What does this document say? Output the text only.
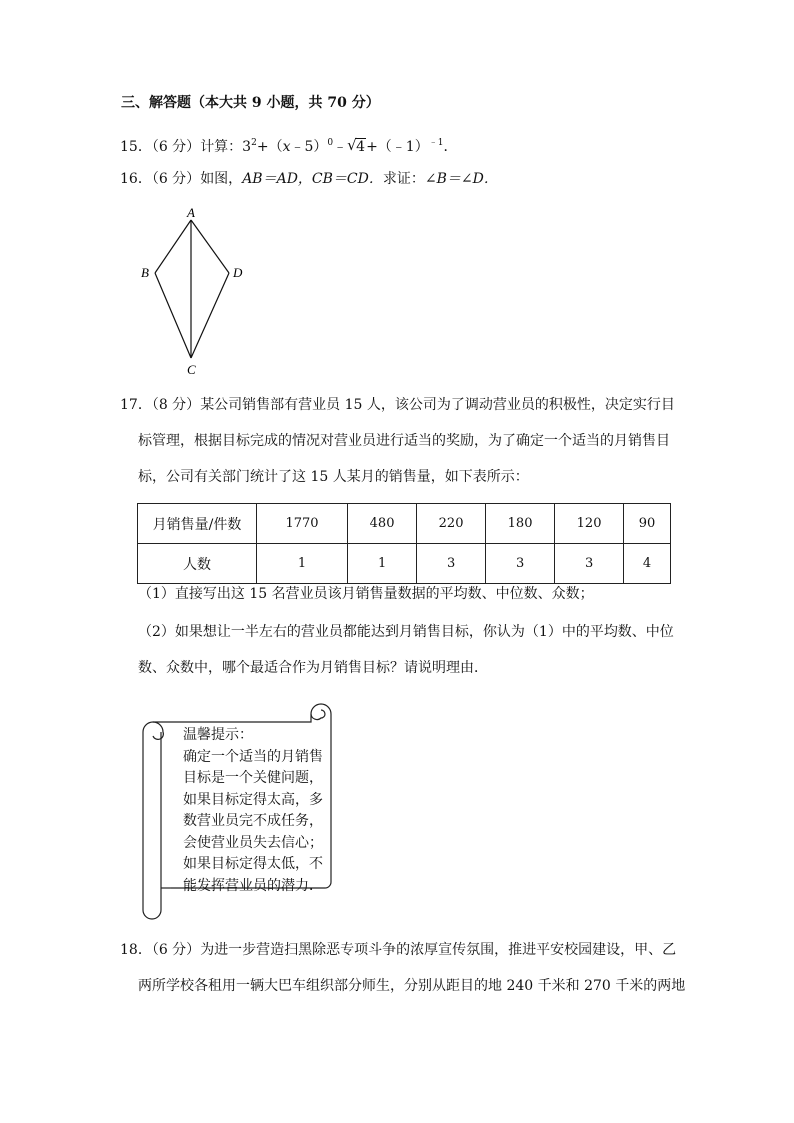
三、解答题（本大共 9 小题，共 70 分）
15．（6 分）计算：$3^2+(x﹣5)^0﹣$ √ 4+（﹣1）$^{﹣1}$．
16．（6 分）如图，AB＝AD，CB＝CD．求证：∠B＝∠D．
A
B
C
D
17．（8 分）某公司销售部有营业员 15 人，该公司为了调动营业员的积极性，决定实行目
标管理，根据目标完成的情况对营业员进行适当的奖励，为了确定一个适当的月销售目
标，公司有关部门统计了这 15 人某月的销售量，如下表所示：
月销售量/件数	1770	480	220	180	120	90
人数	1	1	3	3	3	4
（1）直接写出这 15 名营业员该月销售量数据的平均数、中位数、众数；
（2）如果想让一半左右的营业员都能达到月销售目标，你认为（1）中的平均数、中位
数、众数中，哪个最适合作为月销售目标？请说明理由．
温馨提示：
确定一个适当的月销售
目标是一个关健问题，
如果目标定得太高，多
数营业员完不成任务，
会使营业员失去信心；
如果目标定得太低，不
能发挥营业员的潜力．
18．（6 分）为进一步营造扫黑除恶专项斗争的浓厚宣传氛围，推进平安校园建设，甲、乙
两所学校各租用一辆大巴车组织部分师生，分别从距目的地 240 千米和 270 千米的两地
